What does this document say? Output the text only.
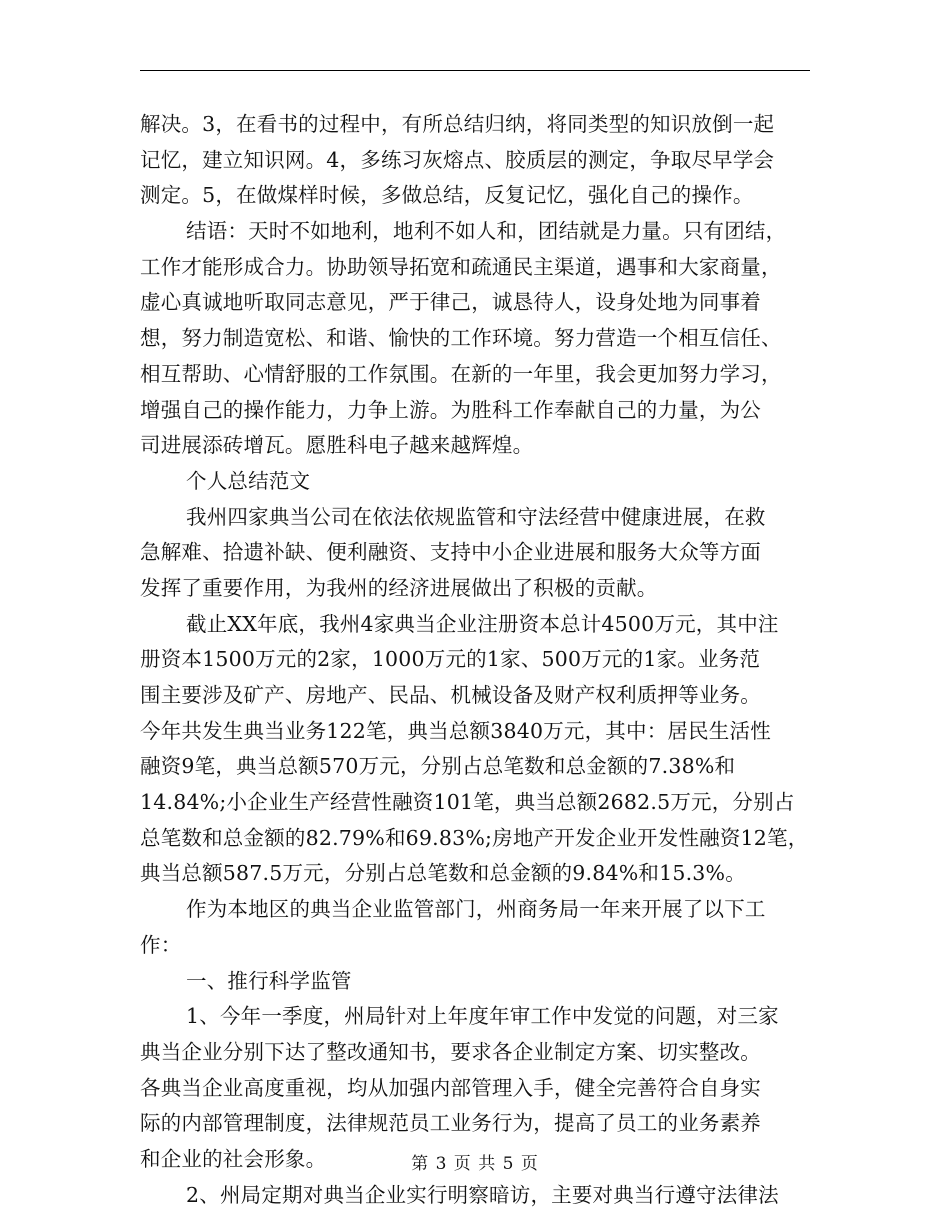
解决。3，在看书的过程中，有所总结归纳，将同类型的知识放倒一起
记忆，建立知识网。4，多练习灰熔点、胶质层的测定，争取尽早学会
测定。5，在做煤样时候，多做总结，反复记忆，强化自己的操作。
结语：天时不如地利，地利不如人和，团结就是力量。只有团结，
工作才能形成合力。协助领导拓宽和疏通民主渠道，遇事和大家商量，
虚心真诚地听取同志意见，严于律己，诚恳待人，设身处地为同事着
想，努力制造宽松、和谐、愉快的工作环境。努力营造一个相互信任、
相互帮助、心情舒服的工作氛围。在新的一年里，我会更加努力学习，
增强自己的操作能力，力争上游。为胜科工作奉献自己的力量，为公
司进展添砖增瓦。愿胜科电子越来越辉煌。
个人总结范文
我州四家典当公司在依法依规监管和守法经营中健康进展，在救
急解难、拾遗补缺、便利融资、支持中小企业进展和服务大众等方面
发挥了重要作用，为我州的经济进展做出了积极的贡献。
截止XX年底，我州4家典当企业注册资本总计4500万元，其中注
册资本1500万元的2家，1000万元的1家、500万元的1家。业务范
围主要涉及矿产、房地产、民品、机械设备及财产权利质押等业务。
今年共发生典当业务122笔，典当总额3840万元，其中：居民生活性
融资9笔，典当总额570万元，分别占总笔数和总金额的7.38%和
14.84%;小企业生产经营性融资101笔，典当总额2682.5万元，分别占
总笔数和总金额的82.79%和69.83%;房地产开发企业开发性融资12笔，
典当总额587.5万元，分别占总笔数和总金额的9.84%和15.3%。
作为本地区的典当企业监管部门，州商务局一年来开展了以下工
作：
一、推行科学监管
1、今年一季度，州局针对上年度年审工作中发觉的问题，对三家
典当企业分别下达了整改通知书，要求各企业制定方案、切实整改。
各典当企业高度重视，均从加强内部管理入手，健全完善符合自身实
际的内部管理制度，法律规范员工业务行为，提高了员工的业务素养
和企业的社会形象。
2、州局定期对典当企业实行明察暗访，主要对典当行遵守法律法
第 3 页 共 5 页
